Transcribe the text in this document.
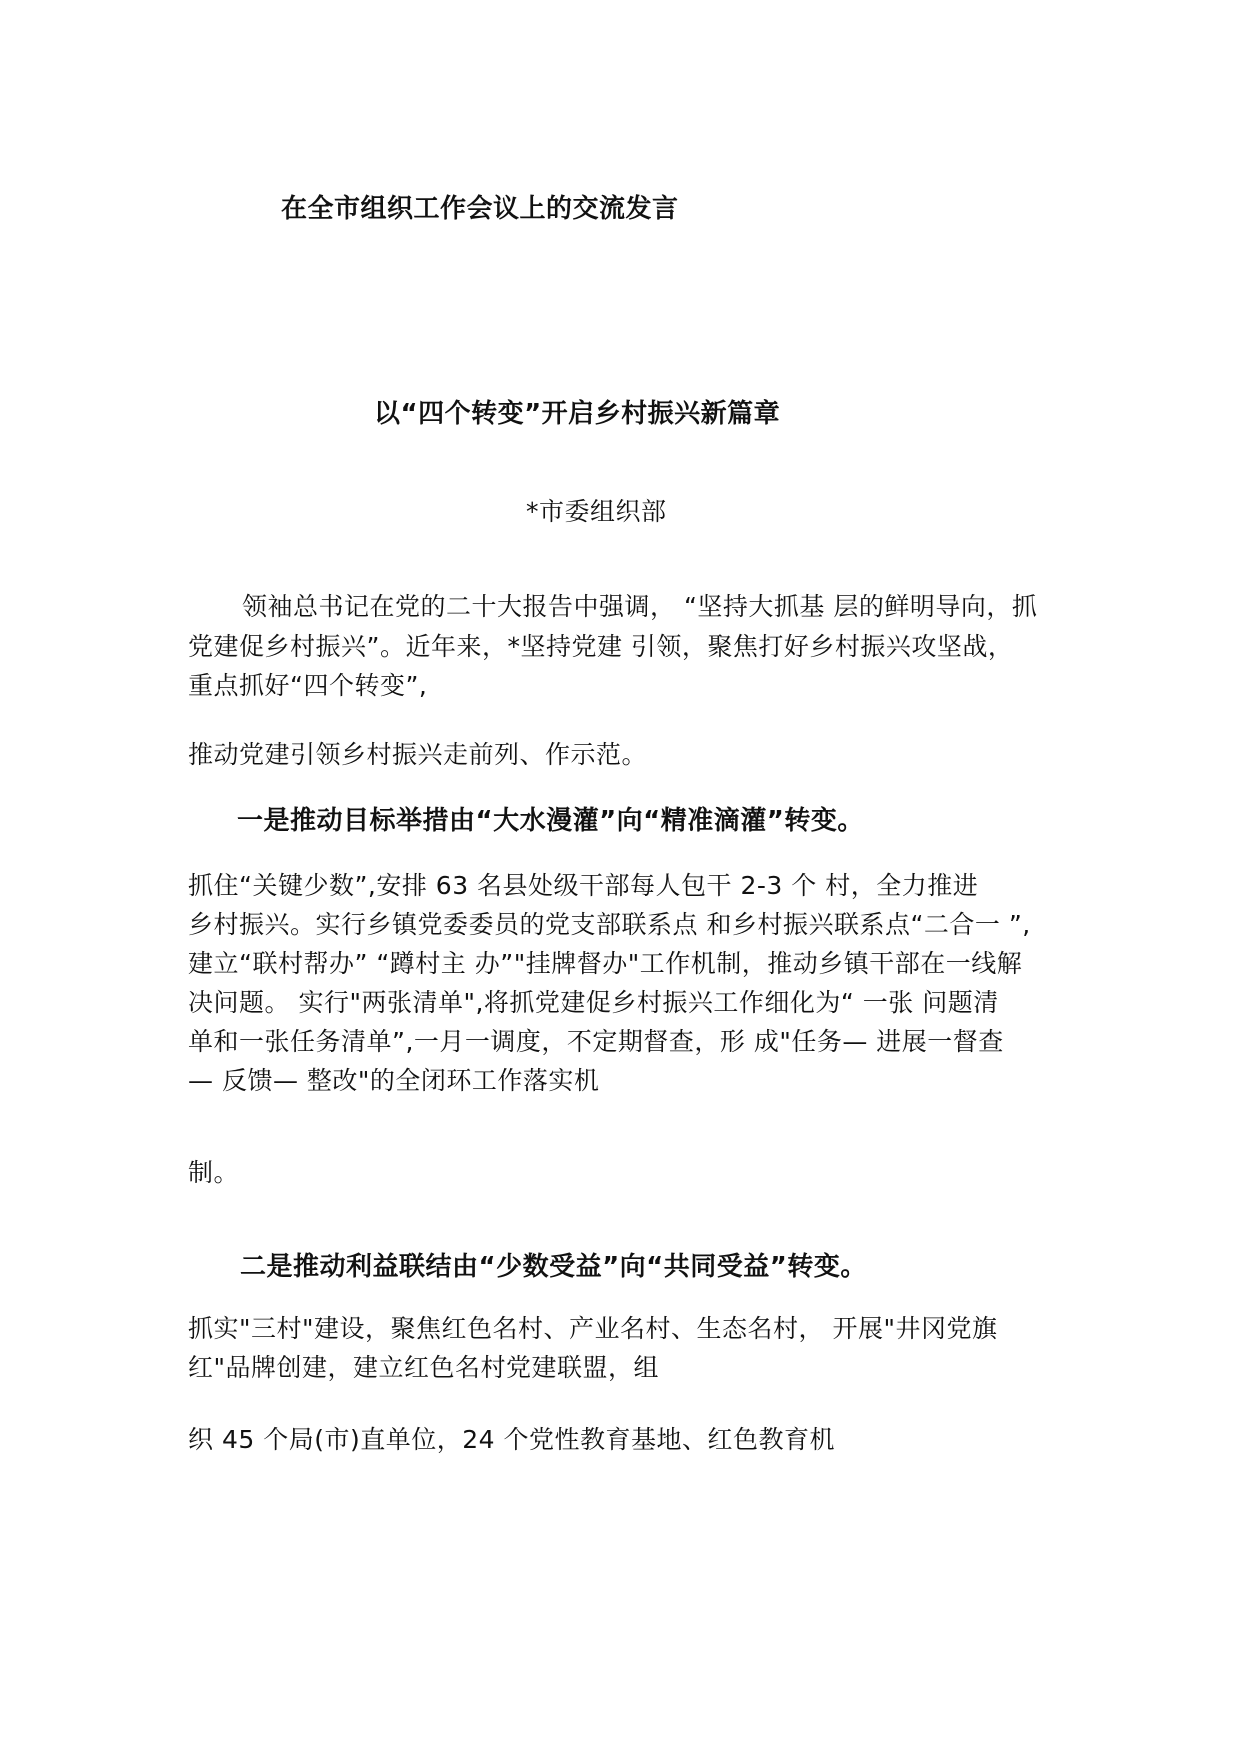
在全市组织工作会议上的交流发言
以“四个转变”开启乡村振兴新篇章
*市委组织部
领袖总书记在党的二十大报告中强调， “坚持大抓基 层的鲜明导向，抓
党建促乡村振兴”。近年来，*坚持党建 引领，聚焦打好乡村振兴攻坚战，
重点抓好“四个转变”,
推动党建引领乡村振兴走前列、作示范。
一是推动目标举措由“大水漫灌”向“精准滴灌”转变。
抓住“关键少数”,安排 63 名县处级干部每人包干 2-3 个 村，全力推进
乡村振兴。实行乡镇党委委员的党支部联系点 和乡村振兴联系点“二合一 ”,
建立“联村帮办” “蹲村主 办”"挂牌督办"工作机制，推动乡镇干部在一线解
决问题。 实行"两张清单",将抓党建促乡村振兴工作细化为“ 一张 问题清
单和一张任务清单”,一月一调度，不定期督查，形 成"任务— 进展一督查
— 反馈— 整改"的全闭环工作落实机
制。
二是推动利益联结由“少数受益”向“共同受益”转变。
抓实"三村"建设，聚焦红色名村、产业名村、生态名村， 开展"井冈党旗
红"品牌创建，建立红色名村党建联盟，组
织 45 个局(市)直单位，24 个党性教育基地、红色教育机
